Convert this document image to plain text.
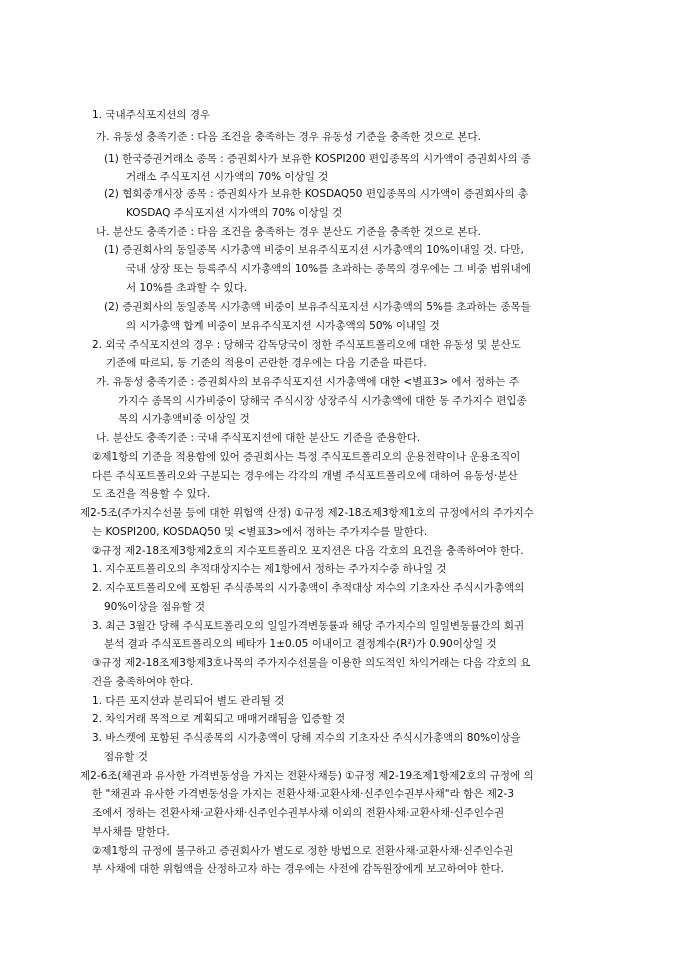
1. 국내주식포지션의 경우
가. 유동성 충족기준 : 다음 조건을 충족하는 경우 유동성 기준을 충족한 것으로 본다.
(1) 한국증권거래소 종목 : 증권회사가 보유한 KOSPI200 편입종목의 시가액이 증권회사의 종
거래소 주식포지션 시가액의 70% 이상일 것
(2) 협회중개시장 종목 : 증권회사가 보유한 KOSDAQ50 편입종목의 시가액이 증권회사의 총
KOSDAQ 주식포지션 시가액의 70% 이상일 것
나. 분산도 충족기준 : 다음 조건을 충족하는 경우 분산도 기준을 충족한 것으로 본다.
(1) 증권회사의 동일종목 시가총액 비중이 보유주식포지션 시가총액의 10%이내일 것. 다만,
국내 상장 또는 등록주식 시가총액의 10%를 초과하는 종목의 경우에는 그 비중 범위내에
서 10%를 초과할 수 있다.
(2) 증권회사의 동일종목 시가총액 비중이 보유주식포지션 시가총액의 5%를 초과하는 종목들
의 시가총액 합계 비중이 보유주식포지션 시가총액의 50% 이내일 것
2. 외국 주식포지션의 경우 : 당해국 감독당국이 정한 주식포트폴리오에 대한 유동성 및 분산도
기준에 따르되, 동 기준의 적용이 곤란한 경우에는 다음 기준을 따른다.
가. 유동성 충족기준 : 증권회사의 보유주식포지션 시가총액에 대한 <별표3> 에서 정하는 주
가지수 종목의 시가비중이 당해국 주식시장 상장주식 시가총액에 대한 동 주가지수 편입종
목의 시가총액비중 이상일 것
나. 분산도 충족기준 : 국내 주식포지션에 대한 분산도 기준을 준용한다.
②제1항의 기준을 적용함에 있어 증권회사는 특정 주식포트폴리오의 운용전략이나 운용조직이
다른 주식포트폴리오와 구분되는 경우에는 각각의 개별 주식포트폴리오에 대하여 유동성·분산
도 조건을 적용할 수 있다.
제2-5조(주가지수선물 등에 대한 위험액 산정) ①규정 제2-18조제3항제1호의 규정에서의 주가지수
는 KOSPI200, KOSDAQ50 및 <별표3>에서 정하는 주가지수를 말한다.
②규정 제2-18조제3항제2호의 지수포트폴리오 포지션은 다음 각호의 요건을 충족하여야 한다.
1. 지수포트폴리오의 추적대상지수는 제1항에서 정하는 주가지수중 하나일 것
2. 지수포트폴리오에 포함된 주식종목의 시가총액이 추적대상 지수의 기초자산 주식시가총액의
90%이상을 점유할 것
3. 최근 3월간 당해 주식포트폴리오의 일일가격변동률과 해당 주가지수의 일일변동률간의 회귀
분석 결과 주식포트폴리오의 베타가 1±0.05 이내이고 결정계수(R²)가 0.90이상일 것
③규정 제2-18조제3항제3호나목의 주가지수선물을 이용한 의도적인 차익거래는 다음 각호의 요
건을 충족하여야 한다.
1. 다른 포지션과 분리되어 별도 관리될 것
2. 차익거래 목적으로 계획되고 매매거래됨을 입증할 것
3. 바스켓에 포함된 주식종목의 시가총액이 당해 지수의 기초자산 주식시가총액의 80%이상을
점유할 것
제2-6조(채권과 유사한 가격변동성을 가지는 전환사채등) ①규정 제2-19조제1항제2호의 규정에 의
한 "채권과 유사한 가격변동성을 가지는 전환사채·교환사채·신주인수권부사채"라 함은 제2-3
조에서 정하는 전환사채·교환사채·신주인수권부사채 이외의 전환사채·교환사채·신주인수권
부사채를 말한다.
②제1항의 규정에 불구하고 증권회사가 별도로 정한 방법으로 전환사채·교환사채·신주인수권
부 사채에 대한 위험액을 산정하고자 하는 경우에는 사전에 감독원장에게 보고하여야 한다.
